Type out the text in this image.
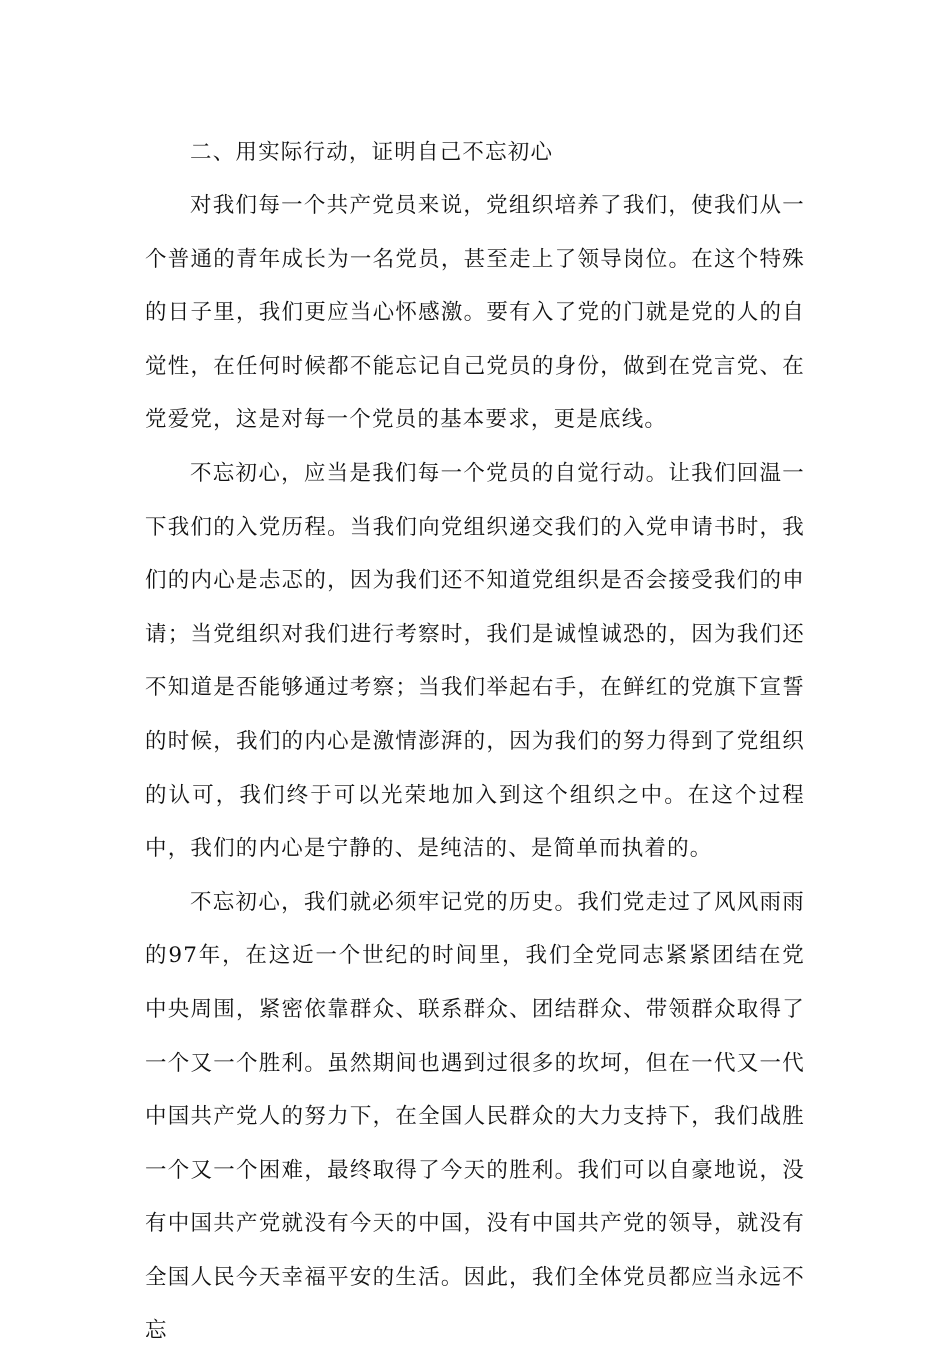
二、用实际行动，证明自己不忘初心

对我们每一个共产党员来说，党组织培养了我们，使我们从一个普通的青年成长为一名党员，甚至走上了领导岗位。在这个特殊的日子里，我们更应当心怀感激。要有入了党的门就是党的人的自觉性，在任何时候都不能忘记自己党员的身份，做到在党言党、在党爱党，这是对每一个党员的基本要求，更是底线。

不忘初心，应当是我们每一个党员的自觉行动。让我们回温一下我们的入党历程。当我们向党组织递交我们的入党申请书时，我们的内心是忐忑的，因为我们还不知道党组织是否会接受我们的申请；当党组织对我们进行考察时，我们是诚惶诚恐的，因为我们还不知道是否能够通过考察；当我们举起右手，在鲜红的党旗下宣誓的时候，我们的内心是激情澎湃的，因为我们的努力得到了党组织的认可，我们终于可以光荣地加入到这个组织之中。在这个过程中，我们的内心是宁静的、是纯洁的、是简单而执着的。

不忘初心，我们就必须牢记党的历史。我们党走过了风风雨雨的97年，在这近一个世纪的时间里，我们全党同志紧紧团结在党中央周围，紧密依靠群众、联系群众、团结群众、带领群众取得了一个又一个胜利。虽然期间也遇到过很多的坎坷，但在一代又一代中国共产党人的努力下，在全国人民群众的大力支持下，我们战胜一个又一个困难，最终取得了今天的胜利。我们可以自豪地说，没有中国共产党就没有今天的中国，没有中国共产党的领导，就没有全国人民今天幸福平安的生活。因此，我们全体党员都应当永远不忘
